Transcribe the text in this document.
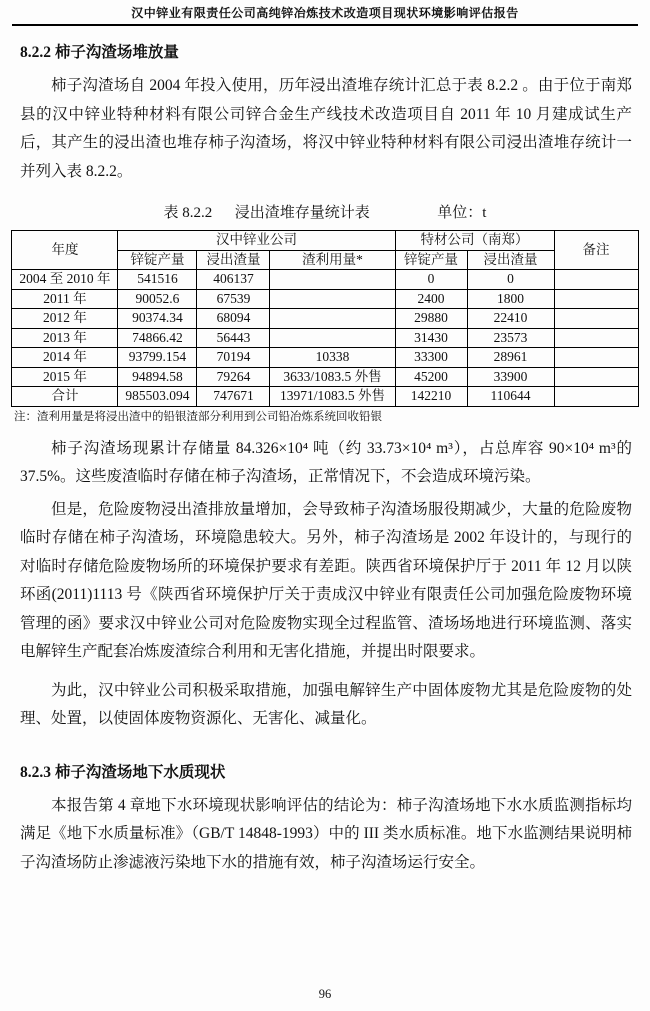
汉中锌业有限责任公司高纯锌冶炼技术改造项目现状环境影响评估报告
8.2.2 柿子沟渣场堆放量

柿子沟渣场自 2004 年投入使用，历年浸出渣堆存统计汇总于表 8.2.2 。由于位于南郑县的汉中锌业特种材料有限公司锌合金生产线技术改造项目自 2011 年 10 月建成试生产后，其产生的浸出渣也堆存柿子沟渣场，将汉中锌业特种材料有限公司浸出渣堆存统计一并列入表 8.2.2。

表 8.2.2 浸出渣堆存量统计表	单位：t
年度	汉中锌业公司			特材公司（南郑）		备注
	锌锭产量	浸出渣量	渣利用量*	锌锭产量	浸出渣量	
2004 至 2010 年	541516	406137		0	0	
2011 年	90052.6	67539		2400	1800	
2012 年	90374.34	68094		29880	22410	
2013 年	74866.42	56443		31430	23573	
2014 年	93799.154	70194	10338	33300	28961	
2015 年	94894.58	79264	3633/1083.5 外售	45200	33900	
合计	985503.094	747671	13971/1083.5 外售	142210	110644	
注：渣利用量是将浸出渣中的铅银渣部分利用到公司铅冶炼系统回收铅银

柿子沟渣场现累计存储量 84.326×10⁴ 吨（约 33.73×10⁴ m³），占总库容 90×10⁴ m³的 37.5%。这些废渣临时存储在柿子沟渣场，正常情况下，不会造成环境污染。

但是，危险废物浸出渣排放量增加，会导致柿子沟渣场服役期减少，大量的危险废物临时存储在柿子沟渣场，环境隐患较大。另外，柿子沟渣场是 2002 年设计的，与现行的对临时存储危险废物场所的环境保护要求有差距。陕西省环境保护厅于 2011 年 12 月以陕环函(2011)1113 号《陕西省环境保护厅关于责成汉中锌业有限责任公司加强危险废物环境管理的函》要求汉中锌业公司对危险废物实现全过程监管、渣场场地进行环境监测、落实电解锌生产配套冶炼废渣综合利用和无害化措施，并提出时限要求。

为此，汉中锌业公司积极采取措施，加强电解锌生产中固体废物尤其是危险废物的处理、处置，以使固体废物资源化、无害化、减量化。

8.2.3 柿子沟渣场地下水质现状

本报告第 4 章地下水环境现状影响评估的结论为：柿子沟渣场地下水水质监测指标均满足《地下水质量标准》（GB/T 14848-1993）中的 III 类水质标准。地下水监测结果说明柿子沟渣场防止渗滤液污染地下水的措施有效，柿子沟渣场运行安全。

96
